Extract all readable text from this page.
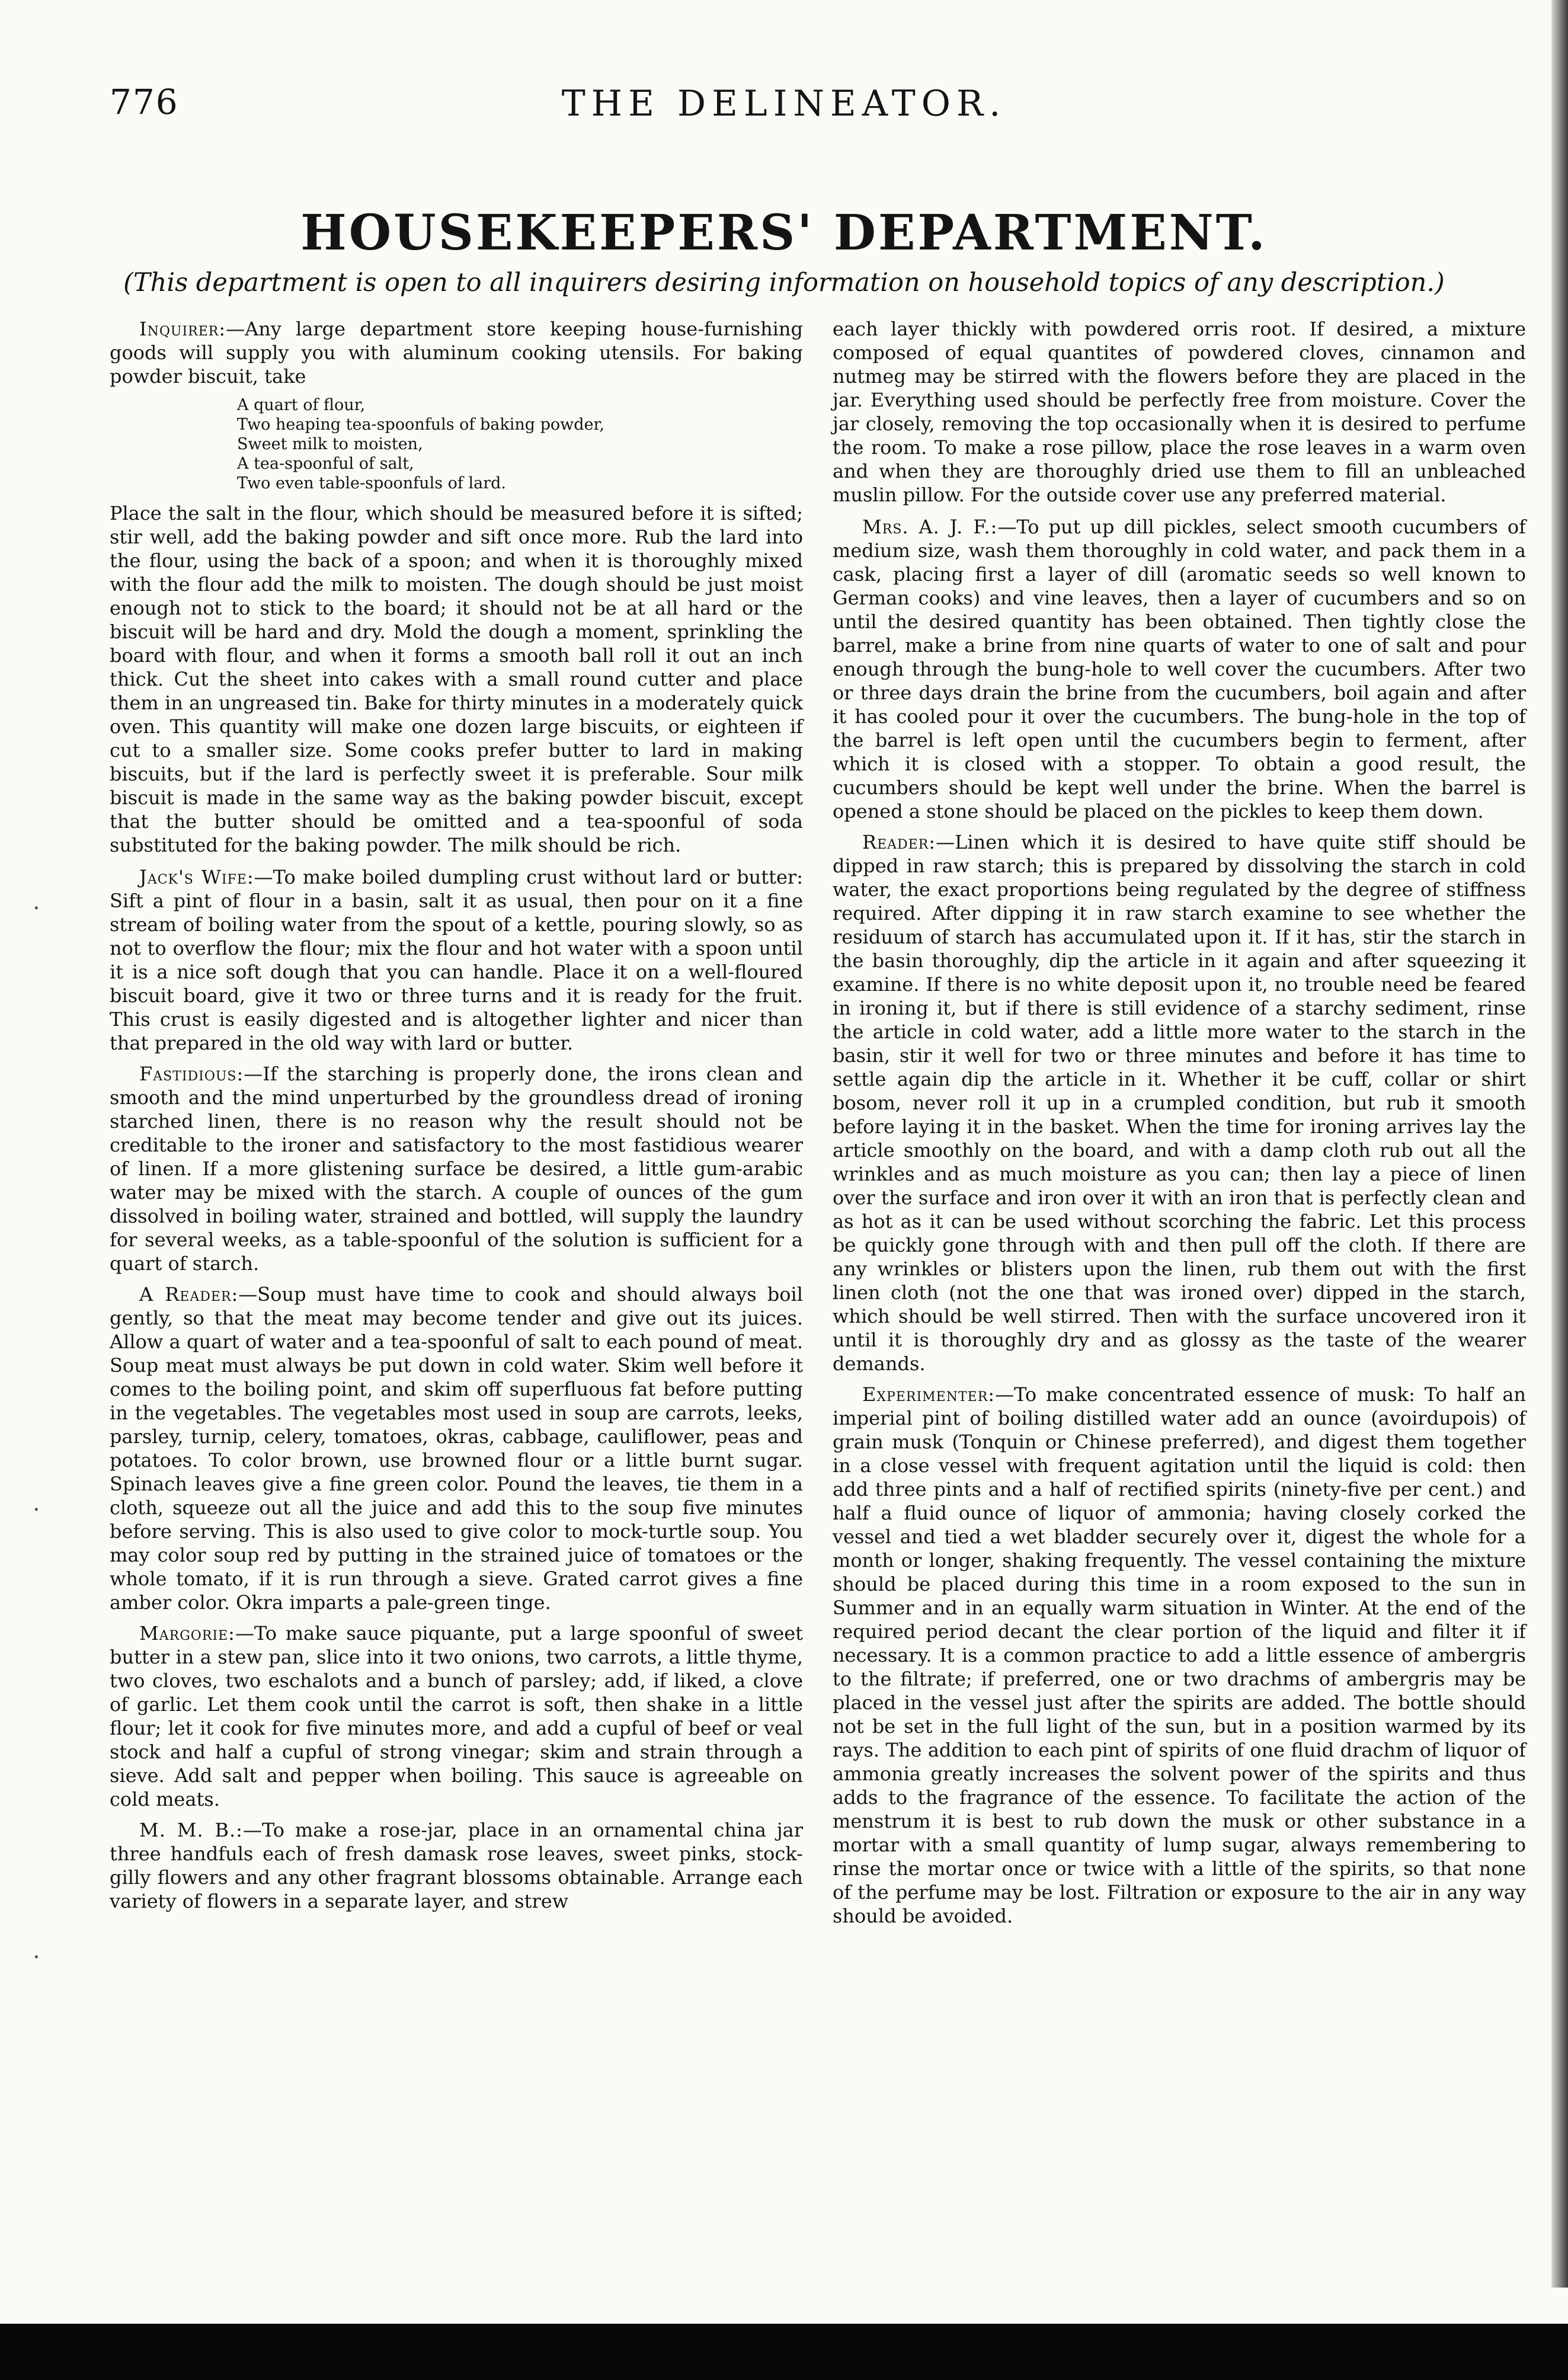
·
·
·
776	THE DELINEATOR.
HOUSEKEEPERS' DEPARTMENT.
(This department is open to all inquirers desiring information on household topics of any description.)

Inquirer:—Any large department store keeping house-furnishing goods will supply you with aluminum cooking utensils. For baking powder biscuit, take

A quart of flour,
Two heaping tea-spoonfuls of baking powder,
Sweet milk to moisten,
A tea-spoonful of salt,
Two even table-spoonfuls of lard.

Place the salt in the flour, which should be measured before it is sifted; stir well, add the baking powder and sift once more. Rub the lard into the flour, using the back of a spoon; and when it is thoroughly mixed with the flour add the milk to moisten. The dough should be just moist enough not to stick to the board; it should not be at all hard or the biscuit will be hard and dry. Mold the dough a moment, sprinkling the board with flour, and when it forms a smooth ball roll it out an inch thick. Cut the sheet into cakes with a small round cutter and place them in an ungreased tin. Bake for thirty minutes in a moderately quick oven. This quantity will make one dozen large biscuits, or eighteen if cut to a smaller size. Some cooks prefer butter to lard in making biscuits, but if the lard is perfectly sweet it is preferable. Sour milk biscuit is made in the same way as the baking powder biscuit, except that the butter should be omitted and a tea-spoonful of soda substituted for the baking powder. The milk should be rich.

Jack's Wife:—To make boiled dumpling crust without lard or butter: Sift a pint of flour in a basin, salt it as usual, then pour on it a fine stream of boiling water from the spout of a kettle, pouring slowly, so as not to overflow the flour; mix the flour and hot water with a spoon until it is a nice soft dough that you can handle. Place it on a well-floured biscuit board, give it two or three turns and it is ready for the fruit. This crust is easily digested and is altogether lighter and nicer than that prepared in the old way with lard or butter.

Fastidious:—If the starching is properly done, the irons clean and smooth and the mind unperturbed by the groundless dread of ironing starched linen, there is no reason why the result should not be creditable to the ironer and satisfactory to the most fastidious wearer of linen. If a more glistening surface be desired, a little gum-arabic water may be mixed with the starch. A couple of ounces of the gum dissolved in boiling water, strained and bottled, will supply the laundry for several weeks, as a table-spoonful of the solution is sufficient for a quart of starch.

A Reader:—Soup must have time to cook and should always boil gently, so that the meat may become tender and give out its juices. Allow a quart of water and a tea-spoonful of salt to each pound of meat. Soup meat must always be put down in cold water. Skim well before it comes to the boiling point, and skim off superfluous fat before putting in the vegetables. The vegetables most used in soup are carrots, leeks, parsley, turnip, celery, tomatoes, okras, cabbage, cauliflower, peas and potatoes. To color brown, use browned flour or a little burnt sugar. Spinach leaves give a fine green color. Pound the leaves, tie them in a cloth, squeeze out all the juice and add this to the soup five minutes before serving. This is also used to give color to mock-turtle soup. You may color soup red by putting in the strained juice of tomatoes or the whole tomato, if it is run through a sieve. Grated carrot gives a fine amber color. Okra imparts a pale-green tinge.

Margorie:—To make sauce piquante, put a large spoonful of sweet butter in a stew pan, slice into it two onions, two carrots, a little thyme, two cloves, two eschalots and a bunch of parsley; add, if liked, a clove of garlic. Let them cook until the carrot is soft, then shake in a little flour; let it cook for five minutes more, and add a cupful of beef or veal stock and half a cupful of strong vinegar; skim and strain through a sieve. Add salt and pepper when boiling. This sauce is agreeable on cold meats.

M. M. B.:—To make a rose-jar, place in an ornamental china jar three handfuls each of fresh damask rose leaves, sweet pinks, stock-gilly flowers and any other fragrant blossoms obtainable. Arrange each variety of flowers in a separate layer, and strew

each layer thickly with powdered orris root. If desired, a mixture composed of equal quantites of powdered cloves, cinnamon and nutmeg may be stirred with the flowers before they are placed in the jar. Everything used should be perfectly free from moisture. Cover the jar closely, removing the top occasionally when it is desired to perfume the room. To make a rose pillow, place the rose leaves in a warm oven and when they are thoroughly dried use them to fill an unbleached muslin pillow. For the outside cover use any preferred material.

Mrs. A. J. F.:—To put up dill pickles, select smooth cucumbers of medium size, wash them thoroughly in cold water, and pack them in a cask, placing first a layer of dill (aromatic seeds so well known to German cooks) and vine leaves, then a layer of cucumbers and so on until the desired quantity has been obtained. Then tightly close the barrel, make a brine from nine quarts of water to one of salt and pour enough through the bung-hole to well cover the cucumbers. After two or three days drain the brine from the cucumbers, boil again and after it has cooled pour it over the cucumbers. The bung-hole in the top of the barrel is left open until the cucumbers begin to ferment, after which it is closed with a stopper. To obtain a good result, the cucumbers should be kept well under the brine. When the barrel is opened a stone should be placed on the pickles to keep them down.

Reader:—Linen which it is desired to have quite stiff should be dipped in raw starch; this is prepared by dissolving the starch in cold water, the exact proportions being regulated by the degree of stiffness required. After dipping it in raw starch examine to see whether the residuum of starch has accumulated upon it. If it has, stir the starch in the basin thoroughly, dip the article in it again and after squeezing it examine. If there is no white deposit upon it, no trouble need be feared in ironing it, but if there is still evidence of a starchy sediment, rinse the article in cold water, add a little more water to the starch in the basin, stir it well for two or three minutes and before it has time to settle again dip the article in it. Whether it be cuff, collar or shirt bosom, never roll it up in a crumpled condition, but rub it smooth before laying it in the basket. When the time for ironing arrives lay the article smoothly on the board, and with a damp cloth rub out all the wrinkles and as much moisture as you can; then lay a piece of linen over the surface and iron over it with an iron that is perfectly clean and as hot as it can be used without scorching the fabric. Let this process be quickly gone through with and then pull off the cloth. If there are any wrinkles or blisters upon the linen, rub them out with the first linen cloth (not the one that was ironed over) dipped in the starch, which should be well stirred. Then with the surface uncovered iron it until it is thoroughly dry and as glossy as the taste of the wearer demands.

Experimenter:—To make concentrated essence of musk: To half an imperial pint of boiling distilled water add an ounce (avoirdupois) of grain musk (Tonquin or Chinese preferred), and digest them together in a close vessel with frequent agitation until the liquid is cold: then add three pints and a half of rectified spirits (ninety-five per cent.) and half a fluid ounce of liquor of ammonia; having closely corked the vessel and tied a wet bladder securely over it, digest the whole for a month or longer, shaking frequently. The vessel containing the mixture should be placed during this time in a room exposed to the sun in Summer and in an equally warm situation in Winter. At the end of the required period decant the clear portion of the liquid and filter it if necessary. It is a common practice to add a little essence of ambergris to the filtrate; if preferred, one or two drachms of ambergris may be placed in the vessel just after the spirits are added. The bottle should not be set in the full light of the sun, but in a position warmed by its rays. The addition to each pint of spirits of one fluid drachm of liquor of ammonia greatly increases the solvent power of the spirits and thus adds to the fragrance of the essence. To facilitate the action of the menstrum it is best to rub down the musk or other substance in a mortar with a small quantity of lump sugar, always remembering to rinse the mortar once or twice with a little of the spirits, so that none of the perfume may be lost. Filtration or exposure to the air in any way should be avoided.
